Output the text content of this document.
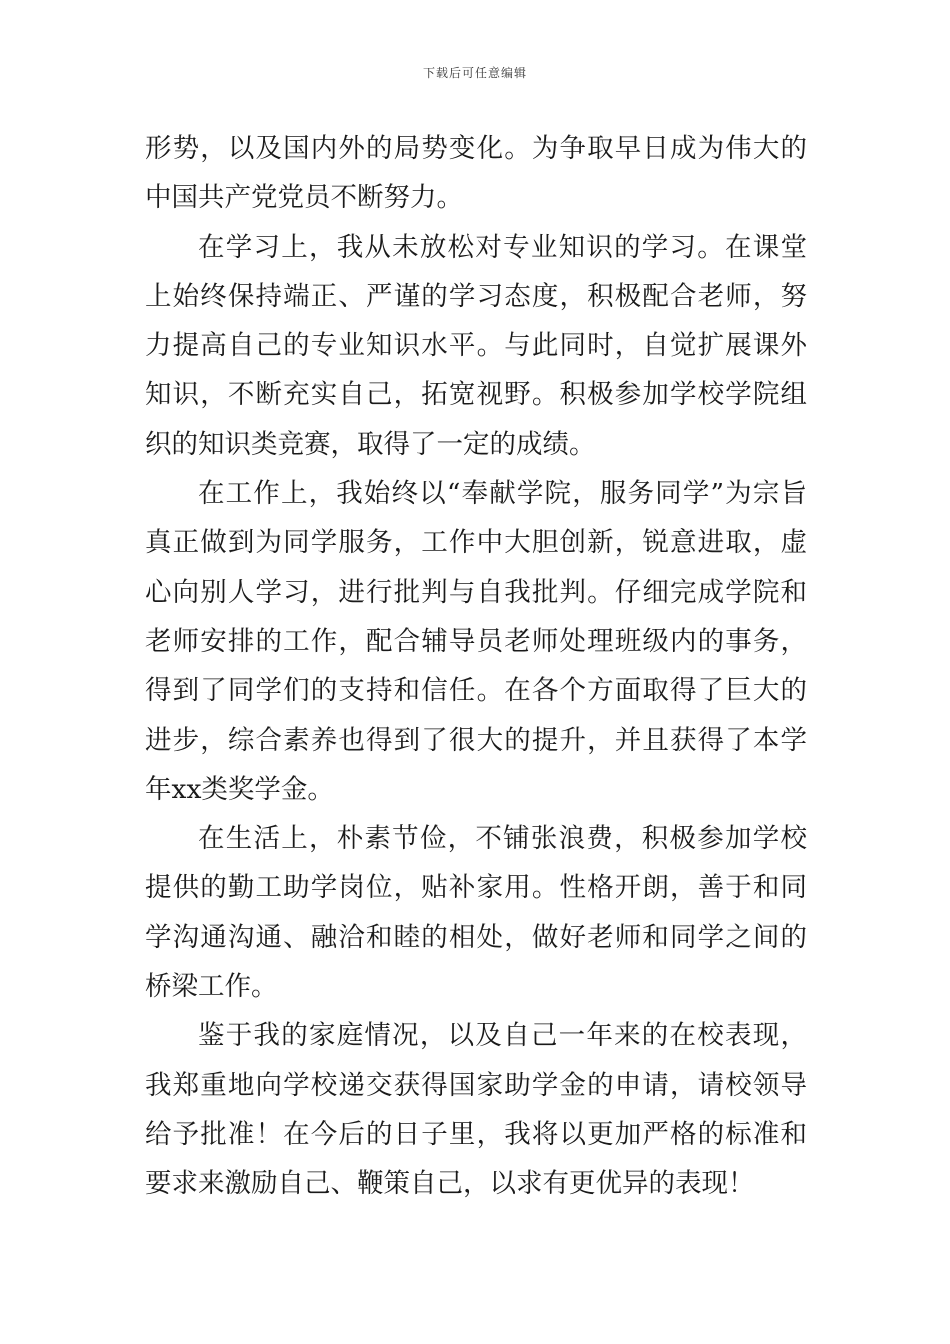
下载后可任意编辑

形势，以及国内外的局势变化。为争取早日成为伟大的中国共产党党员不断努力。

在学习上，我从未放松对专业知识的学习。在课堂上始终保持端正、严谨的学习态度，积极配合老师，努力提高自己的专业知识水平。与此同时，自觉扩展课外知识，不断充实自己，拓宽视野。积极参加学校学院组织的知识类竞赛，取得了一定的成绩。

在工作上，我始终以“奉献学院，服务同学”为宗旨真正做到为同学服务，工作中大胆创新，锐意进取，虚心向别人学习，进行批判与自我批判。仔细完成学院和老师安排的工作，配合辅导员老师处理班级内的事务，得到了同学们的支持和信任。在各个方面取得了巨大的进步，综合素养也得到了很大的提升，并且获得了本学年xx类奖学金。

在生活上，朴素节俭，不铺张浪费，积极参加学校提供的勤工助学岗位，贴补家用。性格开朗，善于和同学沟通沟通、融洽和睦的相处，做好老师和同学之间的桥梁工作。

鉴于我的家庭情况，以及自己一年来的在校表现，我郑重地向学校递交获得国家助学金的申请，请校领导给予批准！在今后的日子里，我将以更加严格的标准和要求来激励自己、鞭策自己，以求有更优异的表现！
